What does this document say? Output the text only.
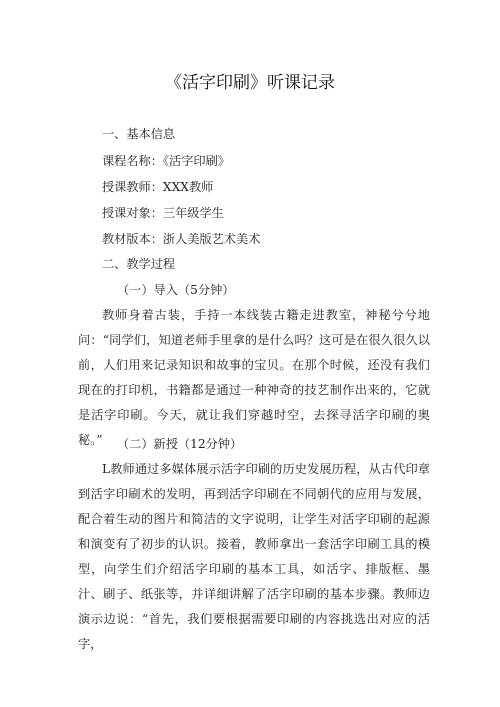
《活字印刷》听课记录

一、基本信息

课程名称：《活字印刷》

授课教师：XXX教师

授课对象：三年级学生

教材版本：浙人美版艺术美术

二、教学过程

（一）导入（5分钟）

教师身着古装，手持一本线装古籍走进教室，神秘兮兮地问：“同学们，知道老师手里拿的是什么吗？这可是在很久很久以前，人们用来记录知识和故事的宝贝。在那个时候，还没有我们现在的打印机，书籍都是通过一种神奇的技艺制作出来的，它就是活字印刷。今天，就让我们穿越时空，去探寻活字印刷的奥秘。”	（二）新授（12分钟）

L教师通过多媒体展示活字印刷的历史发展历程，从古代印章到活字印刷术的发明，再到活字印刷在不同朝代的应用与发展，配合着生动的图片和简洁的文字说明，让学生对活字印刷的起源和演变有了初步的认识。接着，教师拿出一套活字印刷工具的模型，向学生们介绍活字印刷的基本工具，如活字、排版框、墨汁、刷子、纸张等，并详细讲解了活字印刷的基本步骤。教师边演示边说：“首先，我们要根据需要印刷的内容挑选出对应的活字，
